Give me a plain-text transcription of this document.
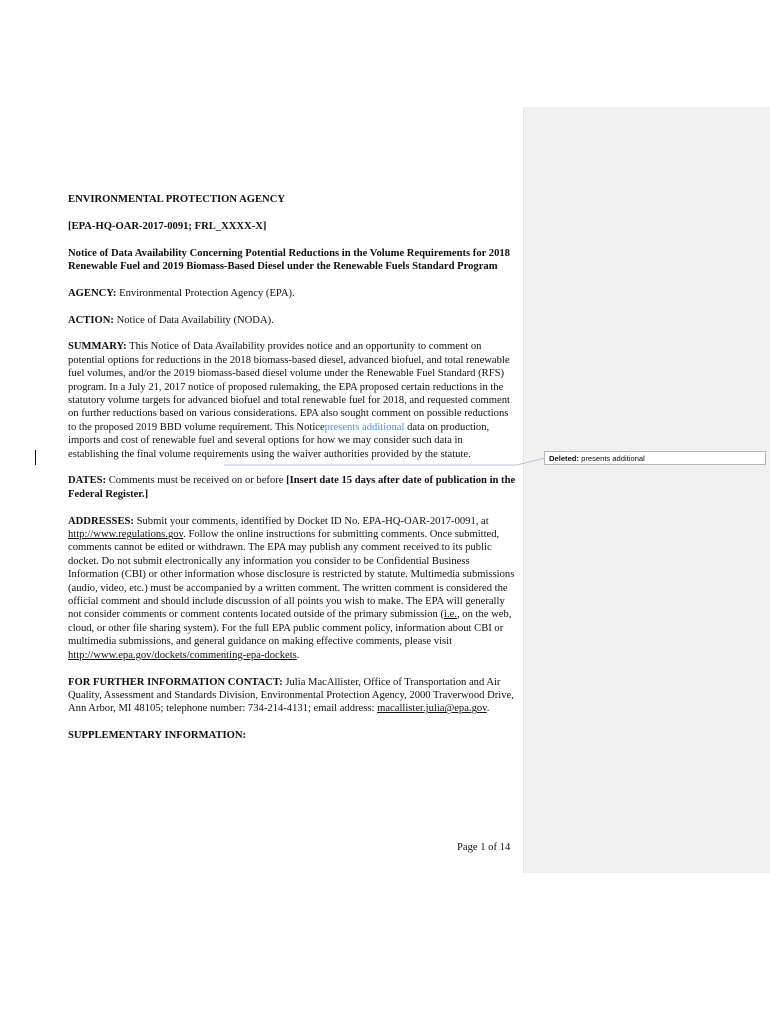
ENVIRONMENTAL PROTECTION AGENCY

[EPA-HQ-OAR-2017-0091; FRL_XXXX-X]

Notice of Data Availability Concerning Potential Reductions in the Volume Requirements for 2018 Renewable Fuel and 2019 Biomass-Based Diesel under the Renewable Fuels Standard Program

AGENCY: Environmental Protection Agency (EPA).

ACTION: Notice of Data Availability (NODA).

SUMMARY: This Notice of Data Availability provides notice and an opportunity to comment on potential options for reductions in the 2018 biomass-based diesel, advanced biofuel, and total renewable fuel volumes, and/or the 2019 biomass-based diesel volume under the Renewable Fuel Standard (RFS) program. In a July 21, 2017 notice of proposed rulemaking, the EPA proposed certain reductions in the statutory volume targets for advanced biofuel and total renewable fuel for 2018, and requested comment on further reductions based on various considerations. EPA also sought comment on possible reductions to the proposed 2019 BBD volume requirement. This Noticepresents additional data on production, imports and cost of renewable fuel and several options for how we may consider such data in establishing the final volume requirements using the waiver authorities provided by the statute.

DATES: Comments must be received on or before [Insert date 15 days after date of publication in the Federal Register.]

ADDRESSES: Submit your comments, identified by Docket ID No. EPA-HQ-OAR-2017-0091, at http://www.regulations.gov. Follow the online instructions for submitting comments. Once submitted, comments cannot be edited or withdrawn. The EPA may publish any comment received to its public docket. Do not submit electronically any information you consider to be Confidential Business Information (CBI) or other information whose disclosure is restricted by statute. Multimedia submissions (audio, video, etc.) must be accompanied by a written comment. The written comment is considered the official comment and should include discussion of all points you wish to make. The EPA will generally not consider comments or comment contents located outside of the primary submission (i.e., on the web, cloud, or other file sharing system). For the full EPA public comment policy, information about CBI or multimedia submissions, and general guidance on making effective comments, please visit http://www.epa.gov/dockets/commenting-epa-dockets.

FOR FURTHER INFORMATION CONTACT: Julia MacAllister, Office of Transportation and Air Quality, Assessment and Standards Division, Environmental Protection Agency, 2000 Traverwood Drive, Ann Arbor, MI 48105; telephone number: 734-214-4131; email address: macallister.julia@epa.gov.

SUPPLEMENTARY INFORMATION:

Deleted: presents additional
Page 1 of 14
